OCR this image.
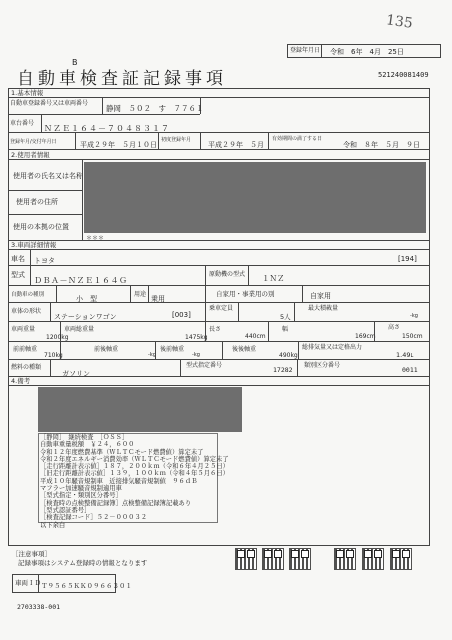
135
登録年月日 令和　 6年　 4月　 25日
B
自動車検査証記録事項	521240081409
1.基本情報
自動車登録番号又は車両番号
静岡　５０２　す　７７６１
車台番号
ＮＺＥ１６４－７０４８３１７
登録年月/交付年月日	平成２９年　５月１０日
初度登録年月
平成２９年　５月
有効期間の満了する日
令和　８年　５月　９日
2.使用者情報
使用者の氏名又は名称
使用者の住所
使用の本拠の位置
＊＊＊
3.車両詳細情報
車名 トヨタ	[194]
型式
ＤＢＡ－ＮＺＥ１６４Ｇ
原動機の型式 １ＮＺ
自動車の種別	小　型
用途
乗用
自家用・事業用の別	自家用
車体の形状
ステーションワゴン	[003]
乗車定員
5人
最大積載量
-kg
車両重量
1200kg
車両総重量
1475kg
長さ
440cm
幅
169cm
高さ
150cm
前前軸重
710kg
前後軸重
-kg
後前軸重
-kg
後後軸重
490kg
総排気量又は定格出力
1.49L
燃料の種類
ガソリン
型式指定番号
17282
類別区分番号
0011
4.備考
［静岡］　継続検査　［ＯＳＳ］
自動車重量税額　￥２４，６００
令和１２年度燃費基準（ＷＬＴＣモード燃費値）算定未了
令和２年度エネルギー消費効率（ＷＬＴＣモード燃費値）算定未了
［走行距離計表示値］１８７，２００ｋｍ（令和６年４月２５日）
［旧走行距離計表示値］１３９，１００ｋｍ（令和４年５月６日）
平成１０年騒音規制車　近接排気騒音規制値　９６ｄＢ
マフラー加速騒音規制適用車
［型式指定・類別区分番号］
［検査時の点検整備記録簿］点検整備記録簿記載あり
［型式認証番号］
［検査記録コード］５２－０００３２
以下余白
［注意事項］
記録事項はシステム登録時の情報となります
車両ＩＤ Ｔ９５６５ＫＫ０９６６３０１
2703338-001
